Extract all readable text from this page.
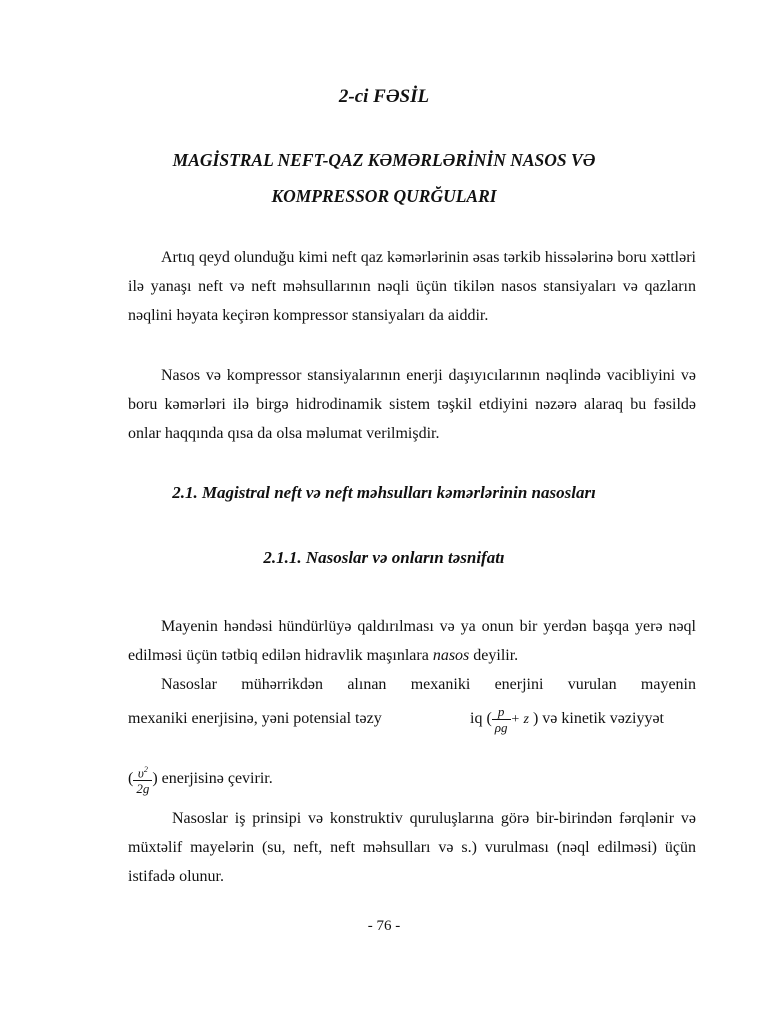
2-ci FƏSİL
MAGİSTRAL NEFT-QAZ KƏMƏRLƏRİNİN NASOS VƏ
KOMPRESSOR QURĞULARI
Artıq qeyd olunduğu kimi neft qaz kəmərlərinin əsas tərkib hissələrinə boru xəttləri ilə yanaşı neft və neft məhsullarının nəqli üçün tikilən nasos stansiyaları və qazların nəqlini həyata keçirən kompressor stansiyaları da aiddir.
Nasos və kompressor stansiyalarının enerji daşıyıcılarının nəqlində vacibliyini və boru kəmərləri ilə birgə hidrodinamik sistem təşkil etdiyini nəzərə alaraq bu fəsildə onlar haqqında qısa da olsa məlumat verilmişdir.
2.1. Magistral neft və neft məhsulları kəmərlərinin nasosları
2.1.1. Nasoslar və onların təsnifatı
Mayenin həndəsi hündürlüyə qaldırılması və ya onun bir yerdən başqa yerə nəql edilməsi üçün tətbiq edilən hidravlik maşınlara nasos deyilir.
Nasoslar mühərrikdən alınan mexaniki enerjini vurulan mayenin
mexaniki enerjisinə, yəni potensial təzy	iq ( $\frac{p}{\rho g} + z$ ) və kinetik vəziyyət
( $\frac{\upsilon^2}{2g}$ ) enerjisinə çevirir.
Nasoslar iş prinsipi və konstruktiv quruluşlarına görə bir-birindən fərqlənir və müxtəlif mayelərin (su, neft, neft məhsulları və s.) vurulması (nəql edilməsi) üçün istifadə olunur.
- 76 -
